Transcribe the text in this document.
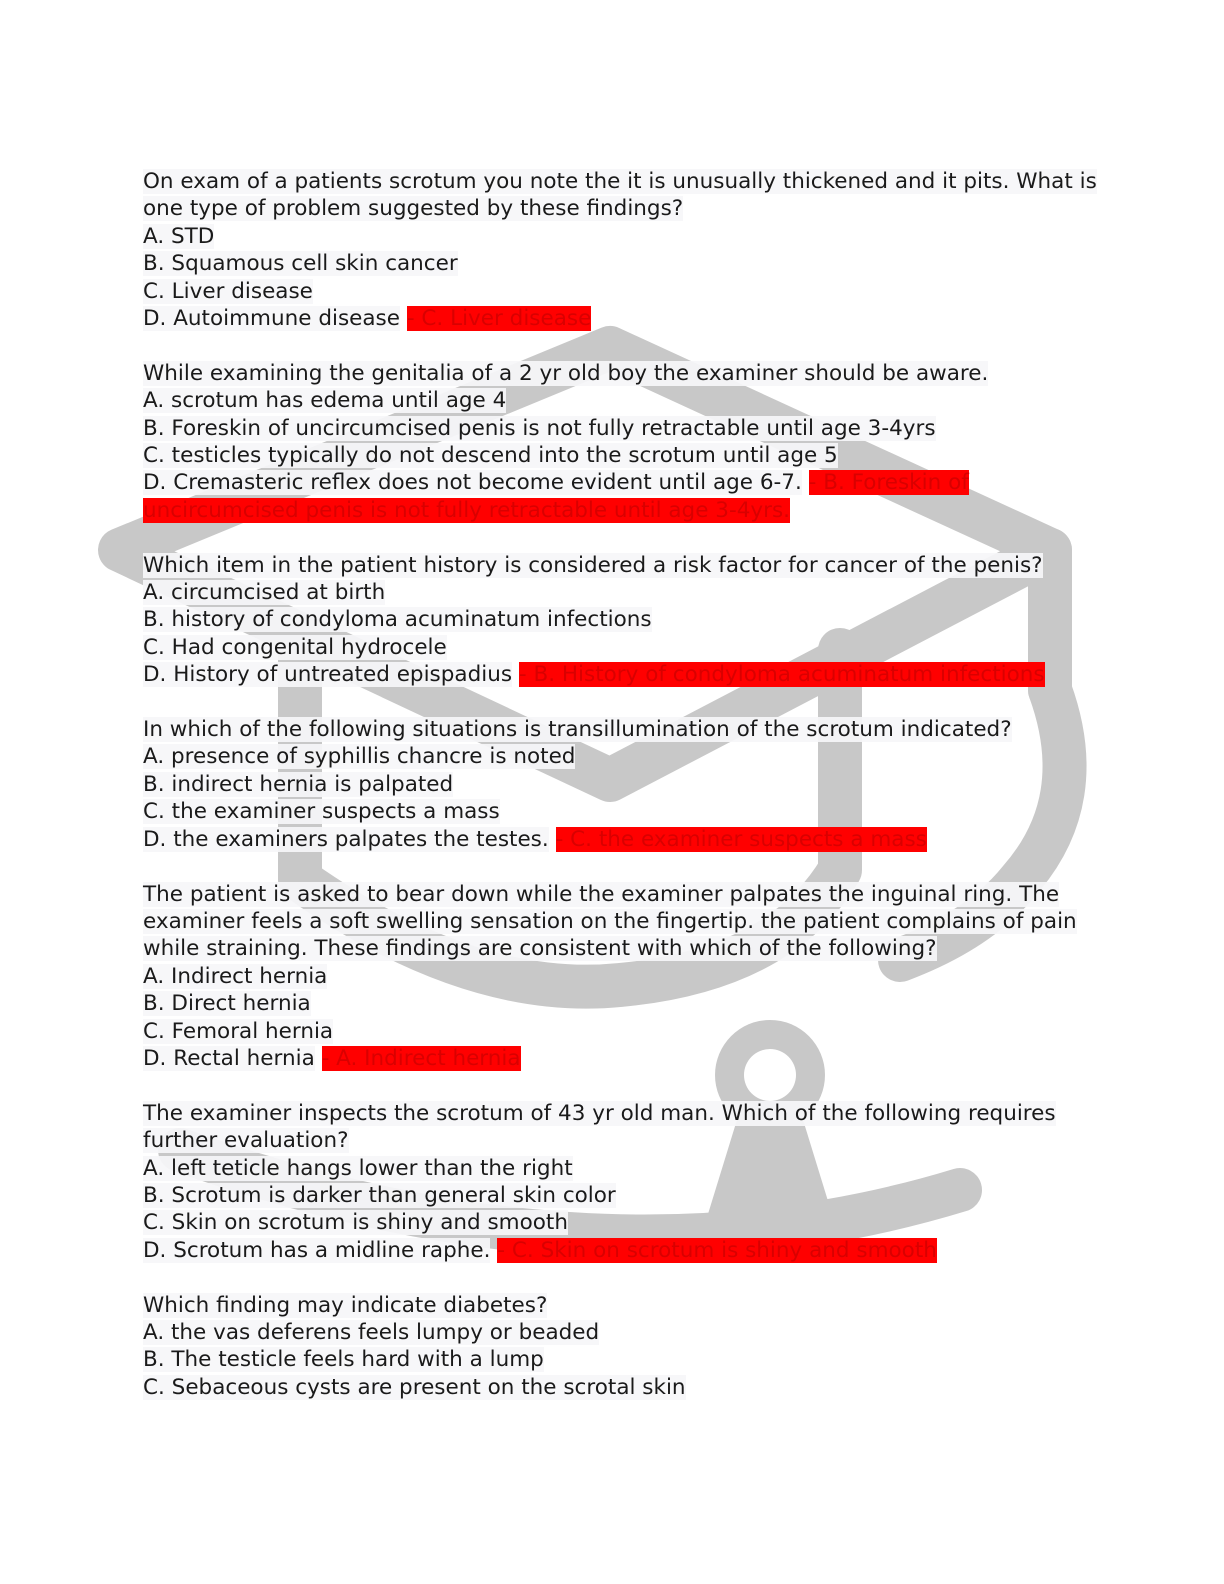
On exam of a patients scrotum you note the it is unusually thickened and it pits. What is
one type of problem suggested by these findings?
A. STD
B. Squamous cell skin cancer
C. Liver disease
D. Autoimmune disease - C. Liver disease
While examining the genitalia of a 2 yr old boy the examiner should be aware.
A. scrotum has edema until age 4
B. Foreskin of uncircumcised penis is not fully retractable until age 3-4yrs
C. testicles typically do not descend into the scrotum until age 5
D. Cremasteric reflex does not become evident until age 6-7. - B. Foreskin of
uncircumcised penis is not fully retractable until age 3-4yrs.
Which item in the patient history is considered a risk factor for cancer of the penis?
A. circumcised at birth
B. history of condyloma acuminatum infections
C. Had congenital hydrocele
D. History of untreated epispadius - B. History of condyloma acuminatum infections
In which of the following situations is transillumination of the scrotum indicated?
A. presence of syphillis chancre is noted
B. indirect hernia is palpated
C. the examiner suspects a mass
D. the examiners palpates the testes. - C. the examiner suspects a mass
The patient is asked to bear down while the examiner palpates the inguinal ring. The
examiner feels a soft swelling sensation on the fingertip. the patient complains of pain
while straining. These findings are consistent with which of the following?
A. Indirect hernia
B. Direct hernia
C. Femoral hernia
D. Rectal hernia - A. Indirect hernia
The examiner inspects the scrotum of 43 yr old man. Which of the following requires
further evaluation?
A. left teticle hangs lower than the right
B. Scrotum is darker than general skin color
C. Skin on scrotum is shiny and smooth
D. Scrotum has a midline raphe. - C. Skin on scrotum is shiny and smooth
Which finding may indicate diabetes?
A. the vas deferens feels lumpy or beaded
B. The testicle feels hard with a lump
C. Sebaceous cysts are present on the scrotal skin
